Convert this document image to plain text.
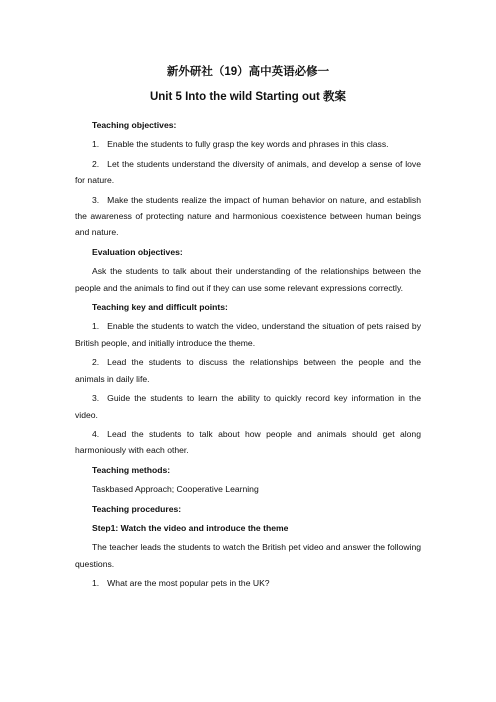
新外研社（19）高中英语必修一

Unit 5 Into the wild Starting out 教案

Teaching objectives:

1. Enable the students to fully grasp the key words and phrases in this class.

2. Let the students understand the diversity of animals, and develop a sense of love for nature.

3. Make the students realize the impact of human behavior on nature, and establish the awareness of protecting nature and harmonious coexistence between human beings and nature.

Evaluation objectives:

Ask the students to talk about their understanding of the relationships between the people and the animals to find out if they can use some relevant expressions correctly.

Teaching key and difficult points:

1. Enable the students to watch the video, understand the situation of pets raised by British people, and initially introduce the theme.

2. Lead the students to discuss the relationships between the people and the animals in daily life.

3. Guide the students to learn the ability to quickly record key information in the video.

4. Lead the students to talk about how people and animals should get along harmoniously with each other.

Teaching methods:

Taskbased Approach; Cooperative Learning

Teaching procedures:

Step1: Watch the video and introduce the theme

The teacher leads the students to watch the British pet video and answer the following questions.

1. What are the most popular pets in the UK?
